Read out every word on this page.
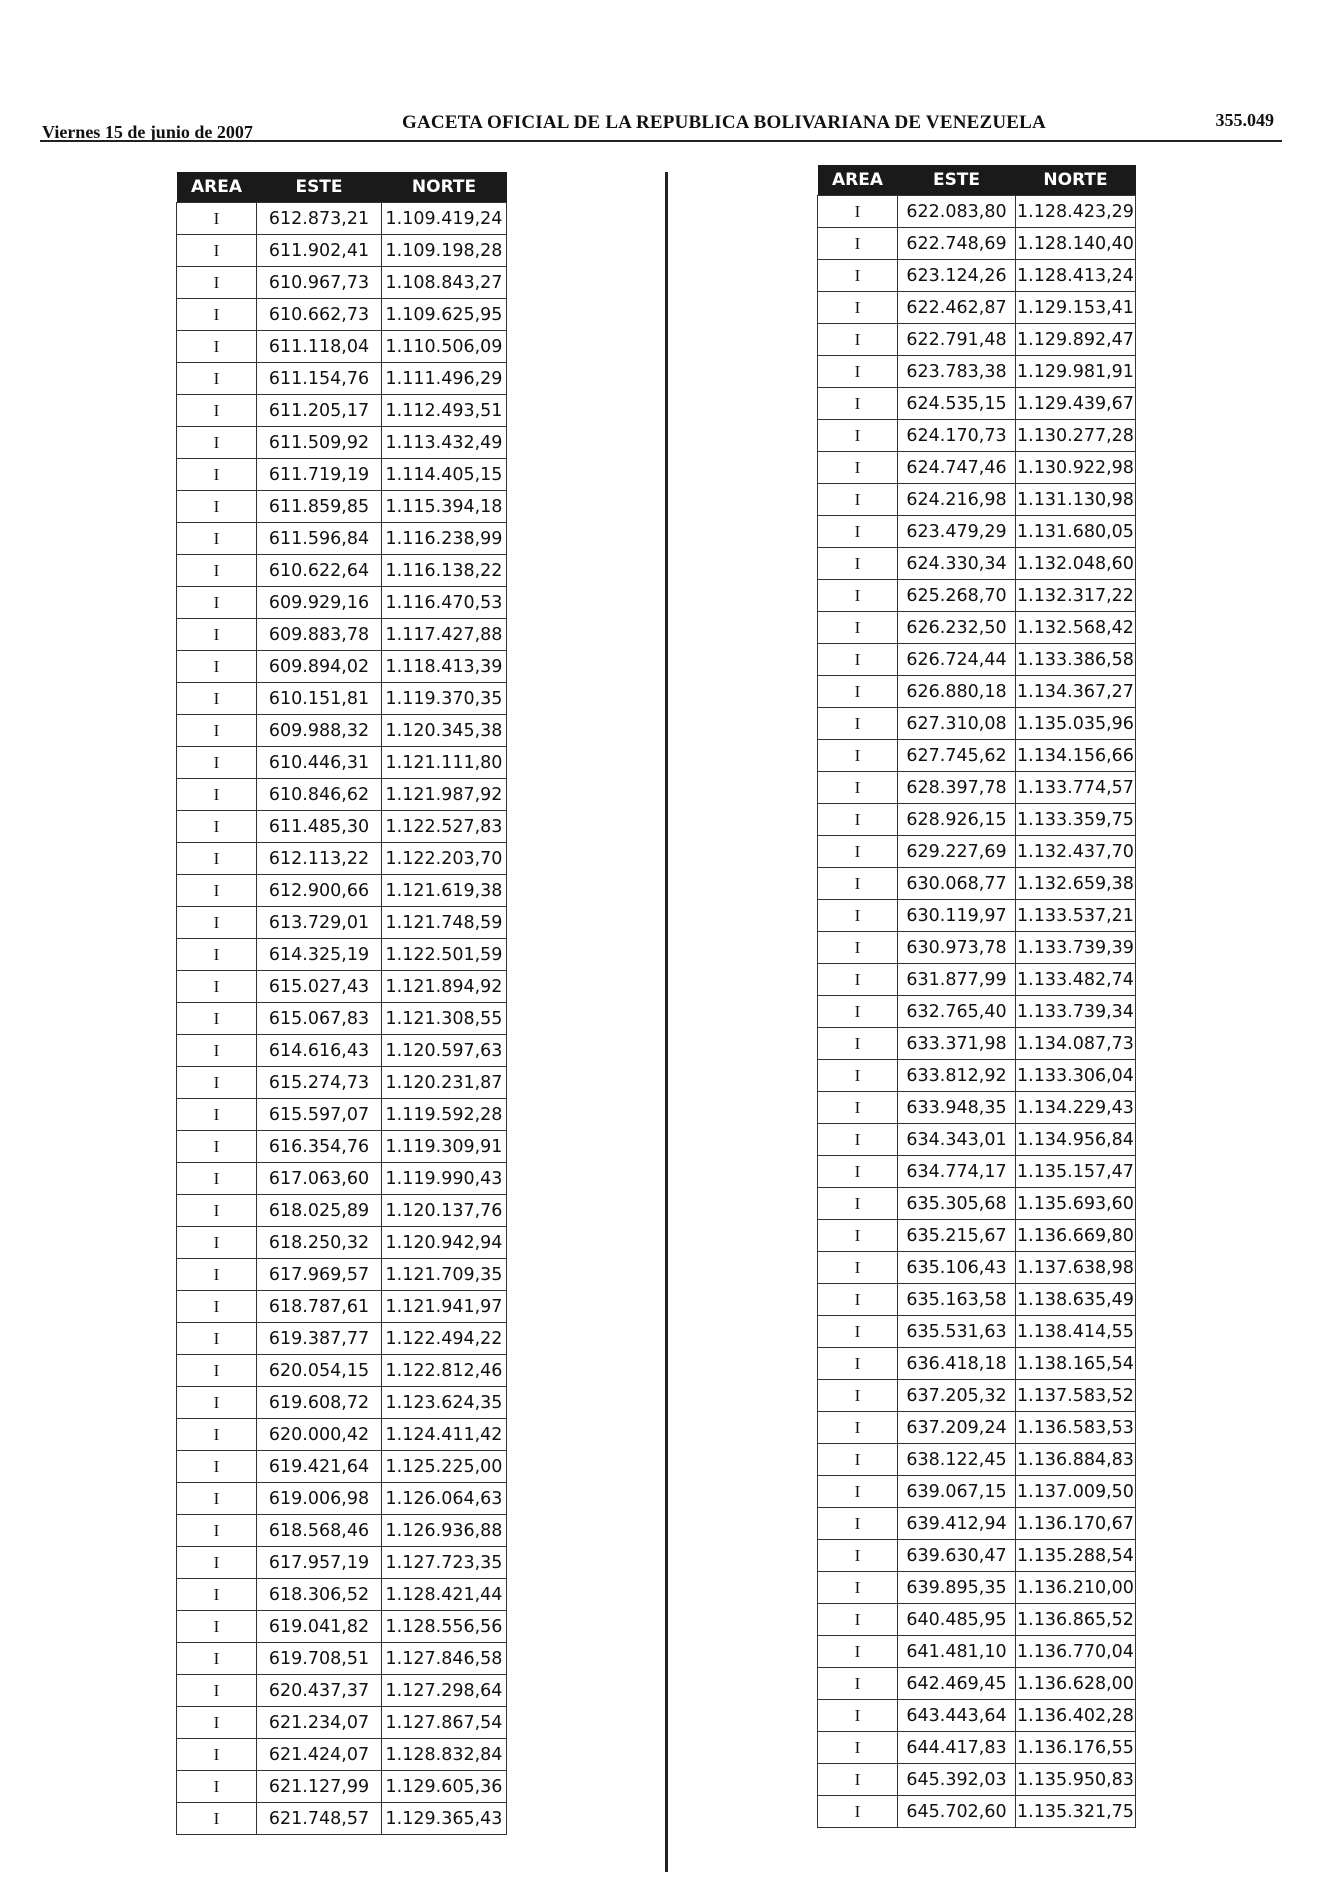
Viernes 15 de junio de 2007	GACETA OFICIAL DE LA REPUBLICA BOLIVARIANA DE VENEZUELA	355.049
AREA	ESTE	NORTE
I	612.873,21	1.109.419,24
I	611.902,41	1.109.198,28
I	610.967,73	1.108.843,27
I	610.662,73	1.109.625,95
I	611.118,04	1.110.506,09
I	611.154,76	1.111.496,29
I	611.205,17	1.112.493,51
I	611.509,92	1.113.432,49
I	611.719,19	1.114.405,15
I	611.859,85	1.115.394,18
I	611.596,84	1.116.238,99
I	610.622,64	1.116.138,22
I	609.929,16	1.116.470,53
I	609.883,78	1.117.427,88
I	609.894,02	1.118.413,39
I	610.151,81	1.119.370,35
I	609.988,32	1.120.345,38
I	610.446,31	1.121.111,80
I	610.846,62	1.121.987,92
I	611.485,30	1.122.527,83
I	612.113,22	1.122.203,70
I	612.900,66	1.121.619,38
I	613.729,01	1.121.748,59
I	614.325,19	1.122.501,59
I	615.027,43	1.121.894,92
I	615.067,83	1.121.308,55
I	614.616,43	1.120.597,63
I	615.274,73	1.120.231,87
I	615.597,07	1.119.592,28
I	616.354,76	1.119.309,91
I	617.063,60	1.119.990,43
I	618.025,89	1.120.137,76
I	618.250,32	1.120.942,94
I	617.969,57	1.121.709,35
I	618.787,61	1.121.941,97
I	619.387,77	1.122.494,22
I	620.054,15	1.122.812,46
I	619.608,72	1.123.624,35
I	620.000,42	1.124.411,42
I	619.421,64	1.125.225,00
I	619.006,98	1.126.064,63
I	618.568,46	1.126.936,88
I	617.957,19	1.127.723,35
I	618.306,52	1.128.421,44
I	619.041,82	1.128.556,56
I	619.708,51	1.127.846,58
I	620.437,37	1.127.298,64
I	621.234,07	1.127.867,54
I	621.424,07	1.128.832,84
I	621.127,99	1.129.605,36
I	621.748,57	1.129.365,43
AREA	ESTE	NORTE
I	622.083,80	1.128.423,29
I	622.748,69	1.128.140,40
I	623.124,26	1.128.413,24
I	622.462,87	1.129.153,41
I	622.791,48	1.129.892,47
I	623.783,38	1.129.981,91
I	624.535,15	1.129.439,67
I	624.170,73	1.130.277,28
I	624.747,46	1.130.922,98
I	624.216,98	1.131.130,98
I	623.479,29	1.131.680,05
I	624.330,34	1.132.048,60
I	625.268,70	1.132.317,22
I	626.232,50	1.132.568,42
I	626.724,44	1.133.386,58
I	626.880,18	1.134.367,27
I	627.310,08	1.135.035,96
I	627.745,62	1.134.156,66
I	628.397,78	1.133.774,57
I	628.926,15	1.133.359,75
I	629.227,69	1.132.437,70
I	630.068,77	1.132.659,38
I	630.119,97	1.133.537,21
I	630.973,78	1.133.739,39
I	631.877,99	1.133.482,74
I	632.765,40	1.133.739,34
I	633.371,98	1.134.087,73
I	633.812,92	1.133.306,04
I	633.948,35	1.134.229,43
I	634.343,01	1.134.956,84
I	634.774,17	1.135.157,47
I	635.305,68	1.135.693,60
I	635.215,67	1.136.669,80
I	635.106,43	1.137.638,98
I	635.163,58	1.138.635,49
I	635.531,63	1.138.414,55
I	636.418,18	1.138.165,54
I	637.205,32	1.137.583,52
I	637.209,24	1.136.583,53
I	638.122,45	1.136.884,83
I	639.067,15	1.137.009,50
I	639.412,94	1.136.170,67
I	639.630,47	1.135.288,54
I	639.895,35	1.136.210,00
I	640.485,95	1.136.865,52
I	641.481,10	1.136.770,04
I	642.469,45	1.136.628,00
I	643.443,64	1.136.402,28
I	644.417,83	1.136.176,55
I	645.392,03	1.135.950,83
I	645.702,60	1.135.321,75
